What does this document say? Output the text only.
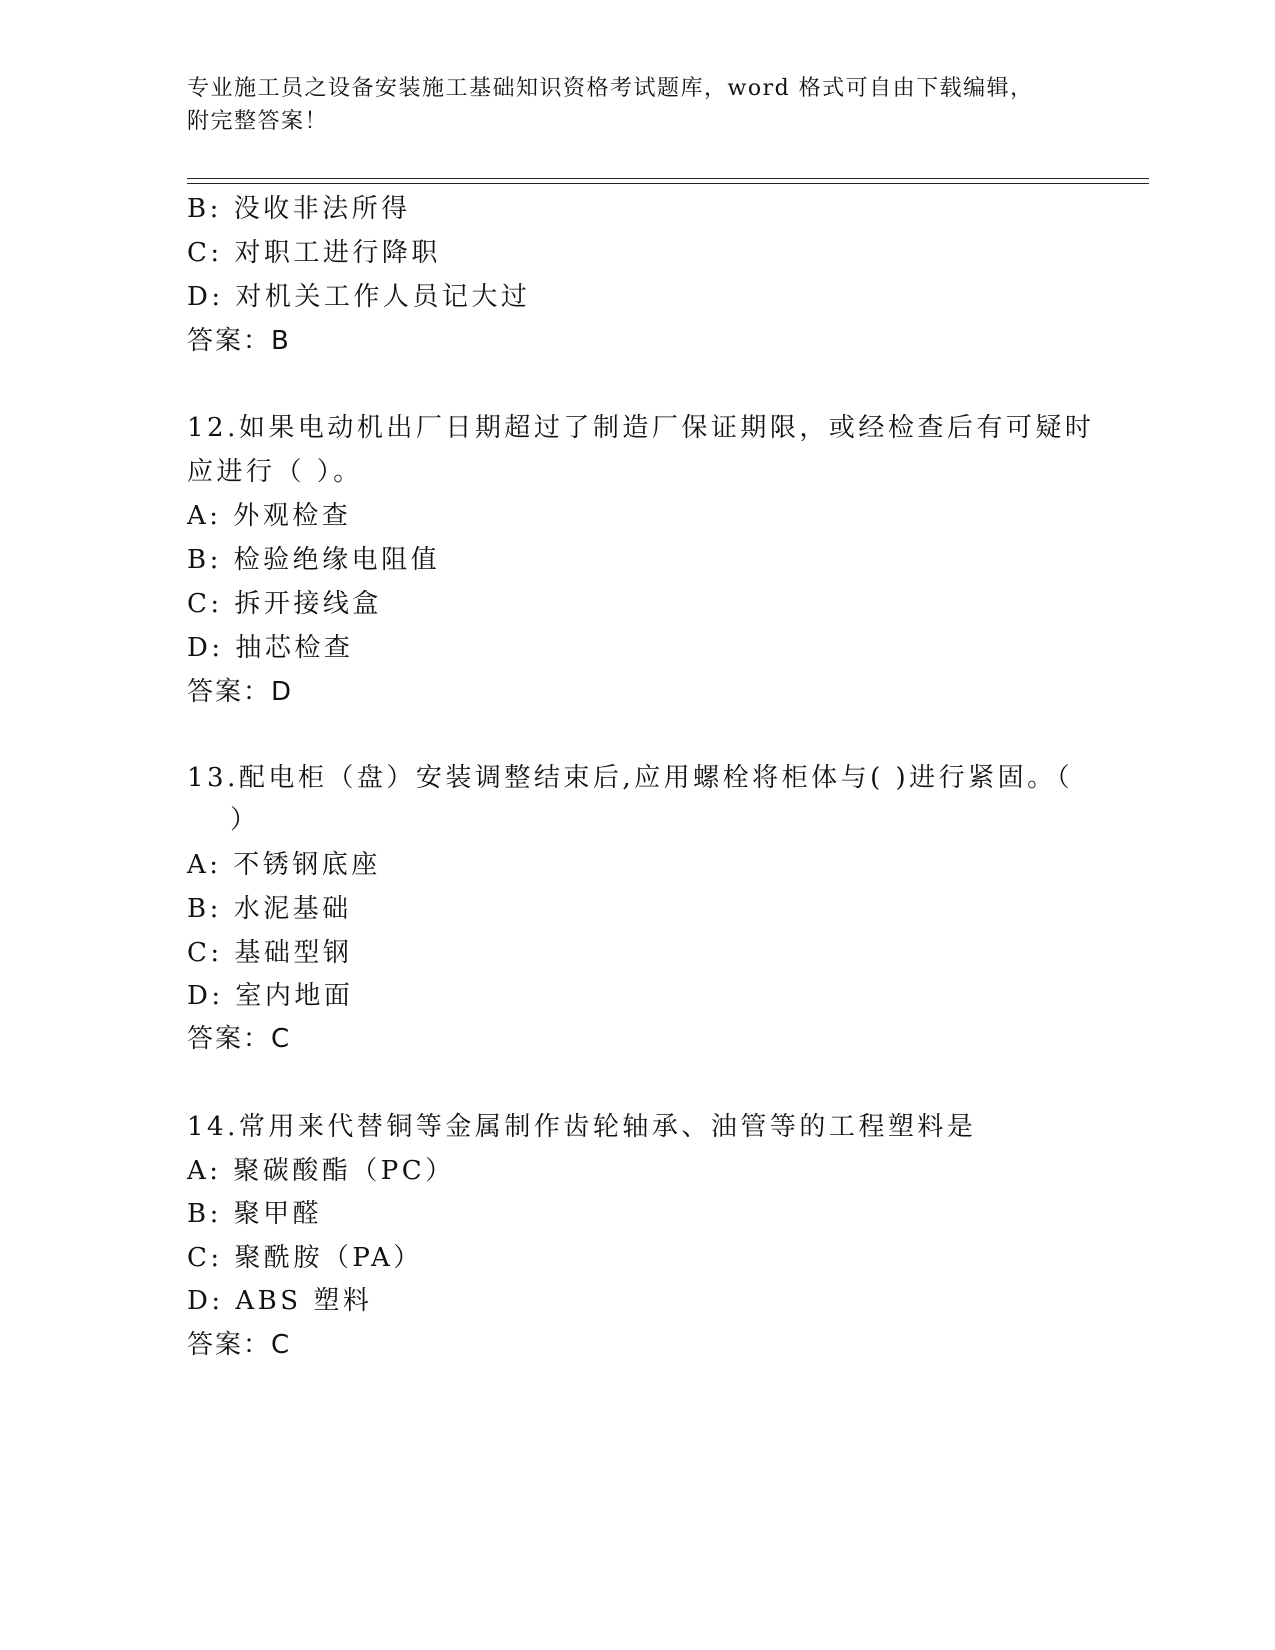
专业施工员之设备安装施工基础知识资格考试题库，word 格式可自由下载编辑，
附完整答案！
B: 没收非法所得
C: 对职工进行降职
D: 对机关工作人员记大过
答案：B
12.如果电动机出厂日期超过了制造厂保证期限，或经检查后有可疑时
应进行（ ）。
A: 外观检查
B: 检验绝缘电阻值
C: 拆开接线盒
D: 抽芯检查
答案：D
13.配电柜（盘）安装调整结束后,应用螺栓将柜体与( )进行紧固。（
）
A: 不锈钢底座
B: 水泥基础
C: 基础型钢
D: 室内地面
答案：C
14.常用来代替铜等金属制作齿轮轴承、油管等的工程塑料是
A: 聚碳酸酯（PC）
B: 聚甲醛
C: 聚酰胺（PA）
D: ABS 塑料
答案：C
